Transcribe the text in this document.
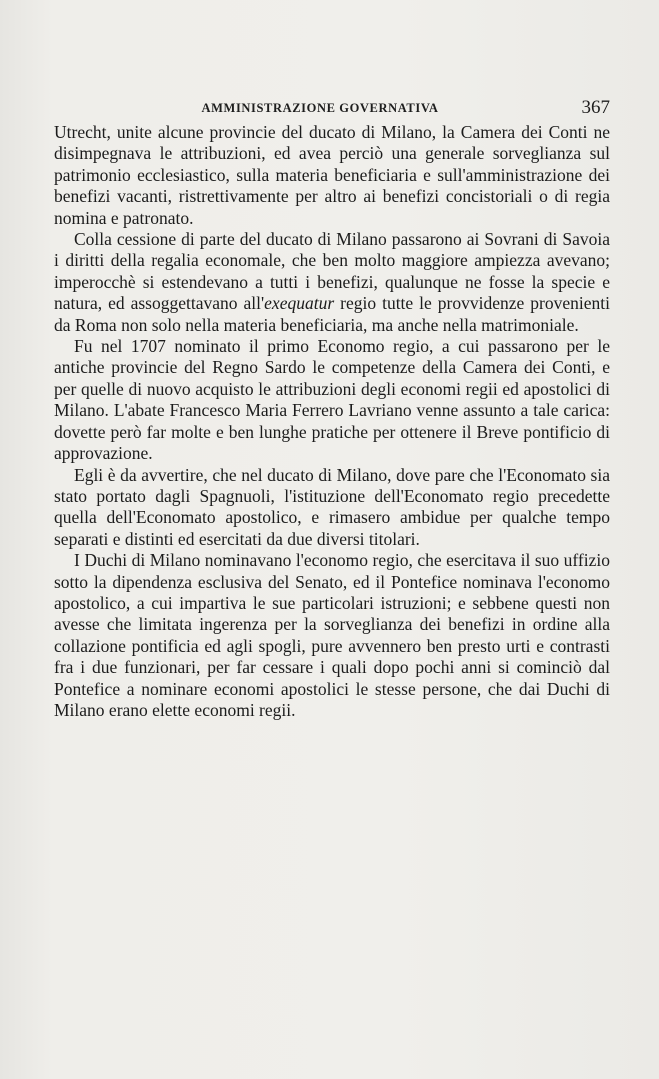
AMMINISTRAZIONE GOVERNATIVA	367

Utrecht, unite alcune provincie del ducato di Milano, la Camera dei Conti ne disimpegnava le attribuzioni, ed avea perciò una generale sorveglianza sul patrimonio ecclesiastico, sulla materia beneficiaria e sull'amministrazione dei benefizi vacanti, ristrettivamente per altro ai benefizi concistoriali o di regia nomina e patronato.

Colla cessione di parte del ducato di Milano passarono ai Sovrani di Savoia i diritti della regalia economale, che ben molto maggiore ampiezza avevano; imperocchè si estendevano a tutti i benefizi, qualunque ne fosse la specie e natura, ed assoggettavano all'exequatur regio tutte le provvidenze provenienti da Roma non solo nella materia beneficiaria, ma anche nella matrimoniale.

Fu nel 1707 nominato il primo Economo regio, a cui passarono per le antiche provincie del Regno Sardo le competenze della Camera dei Conti, e per quelle di nuovo acquisto le attribuzioni degli economi regii ed apostolici di Milano. L'abate Francesco Maria Ferrero Lavriano venne assunto a tale carica: dovette però far molte e ben lunghe pratiche per ottenere il Breve pontificio di approvazione.

Egli è da avvertire, che nel ducato di Milano, dove pare che l'Economato sia stato portato dagli Spagnuoli, l'istituzione dell'Economato regio precedette quella dell'Economato apostolico, e rimasero ambidue per qualche tempo separati e distinti ed esercitati da due diversi titolari.

I Duchi di Milano nominavano l'economo regio, che esercitava il suo uffizio sotto la dipendenza esclusiva del Senato, ed il Pontefice nominava l'economo apostolico, a cui impartiva le sue particolari istruzioni; e sebbene questi non avesse che limitata ingerenza per la sorveglianza dei benefizi in ordine alla collazione pontificia ed agli spogli, pure avvennero ben presto urti e contrasti fra i due funzionari, per far cessare i quali dopo pochi anni si cominciò dal Pontefice a nominare economi apostolici le stesse persone, che dai Duchi di Milano erano elette economi regii.
